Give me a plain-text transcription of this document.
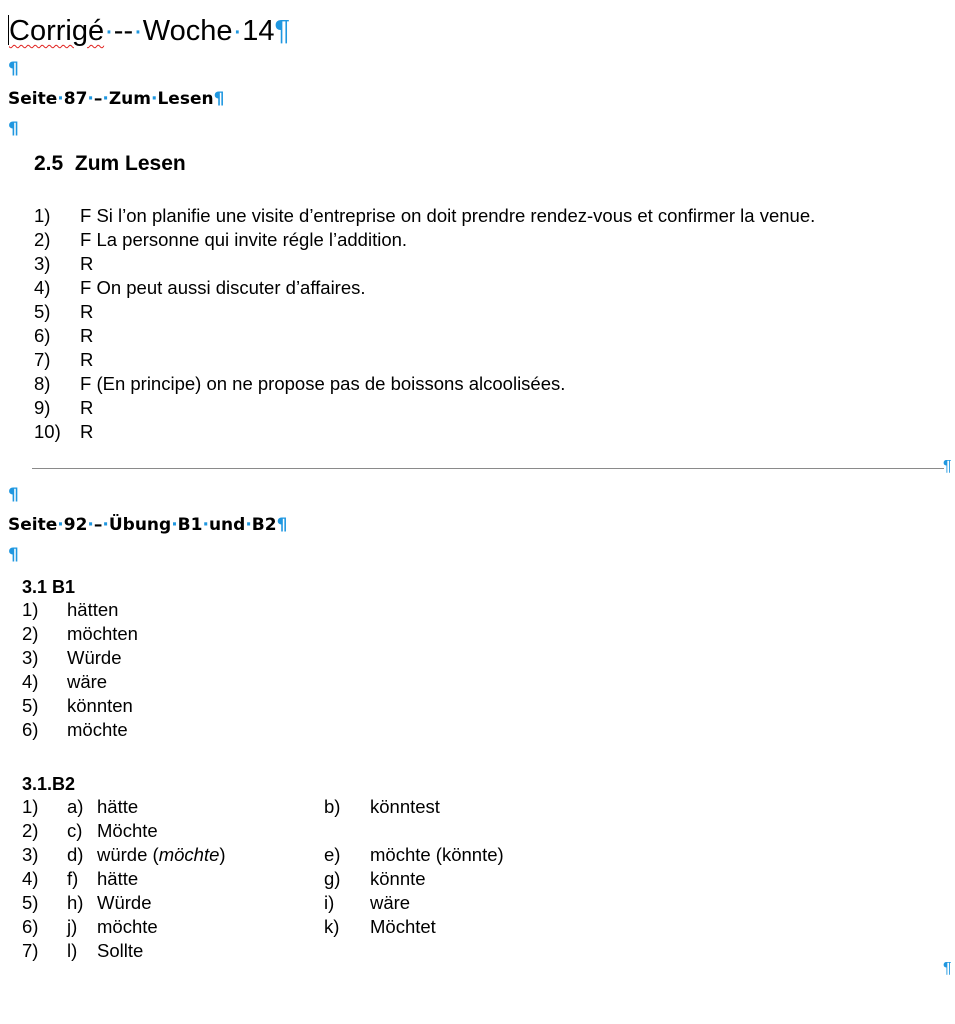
Corrigé·--·Woche·14¶
¶
Seite·87·–·Zum·Lesen¶
¶
2.5  Zum Lesen
1) F Si l’on planifie une visite d’entreprise on doit prendre rendez-vous et confirmer la venue.
2) F La personne qui invite régle l’addition.
3) R
4) F On peut aussi discuter d’affaires.
5) R
6) R
7) R
8) F (En principe) on ne propose pas de boissons alcoolisées.
9) R
10) R
¶
¶
Seite·92·–·Übung·B1·und·B2¶
¶
3.1 B1
1) hätten
2) möchten
3) Würde
4) wäre
5) könnten
6) möchte
3.1.B2
1) a) hätte	b) könntest
2) c) Möchte
3) d) würde (möchte)	e) möchte (könnte)
4) f) hätte	g) könnte
5) h) Würde	i) wäre
6) j) möchte	k) Möchtet
7) l) Sollte
¶
